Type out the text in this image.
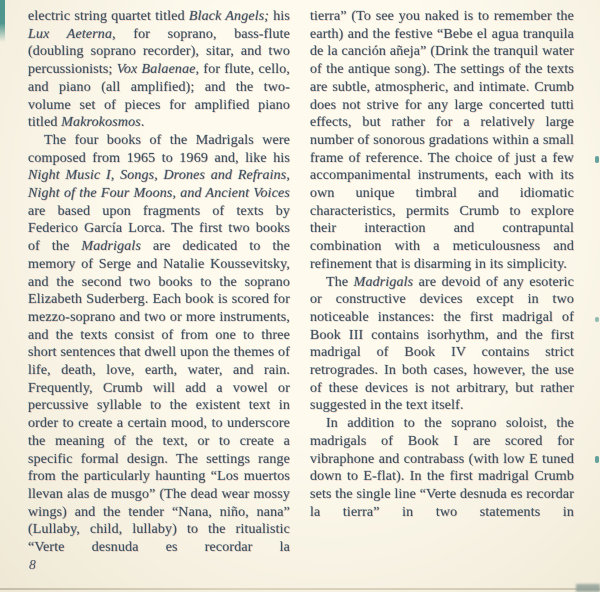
electric string quartet titled Black Angels; his Lux Aeterna, for soprano, bass-flute (doubling soprano recorder), sitar, and two percussionists; Vox Balaenae, for flute, cello, and piano (all amplified); and the two-volume set of pieces for amplified piano titled Makrokosmos.

The four books of the Madrigals were composed from 1965 to 1969 and, like his Night Music I, Songs, Drones and Refrains, Night of the Four Moons, and Ancient Voices are based upon fragments of texts by Federico García Lorca. The first two books of the Madrigals are dedicated to the memory of Serge and Natalie Koussevitsky, and the second two books to the soprano Elizabeth Suderberg. Each book is scored for mezzo-soprano and two or more instruments, and the texts consist of from one to three short sentences that dwell upon the themes of life, death, love, earth, water, and rain. Frequently, Crumb will add a vowel or percussive syllable to the existent text in order to create a certain mood, to underscore the meaning of the text, or to create a specific formal design. The settings range from the particularly haunting “Los muertos llevan alas de musgo” (The dead wear mossy wings) and the tender “Nana, niño, nana” (Lullaby, child, lullaby) to the ritualistic “Verte desnuda es recordar la

tierra” (To see you naked is to remember the earth) and the festive “Bebe el agua tranquila de la canción añeja” (Drink the tranquil water of the antique song). The settings of the texts are subtle, atmospheric, and intimate. Crumb does not strive for any large concerted tutti effects, but rather for a relatively large number of sonorous gradations within a small frame of reference. The choice of just a few accompanimental instruments, each with its own unique timbral and idiomatic characteristics, permits Crumb to explore their interaction and contrapuntal combination with a meticulousness and refinement that is disarming in its simplicity.

The Madrigals are devoid of any esoteric or constructive devices except in two noticeable instances: the first madrigal of Book III contains isorhythm, and the first madrigal of Book IV contains strict retrogrades. In both cases, however, the use of these devices is not arbitrary, but rather suggested in the text itself.

In addition to the soprano soloist, the madrigals of Book I are scored for vibraphone and contrabass (with low E tuned down to E-flat). In the first madrigal Crumb sets the single line “Verte desnuda es recordar la tierra” in two statements in

8
